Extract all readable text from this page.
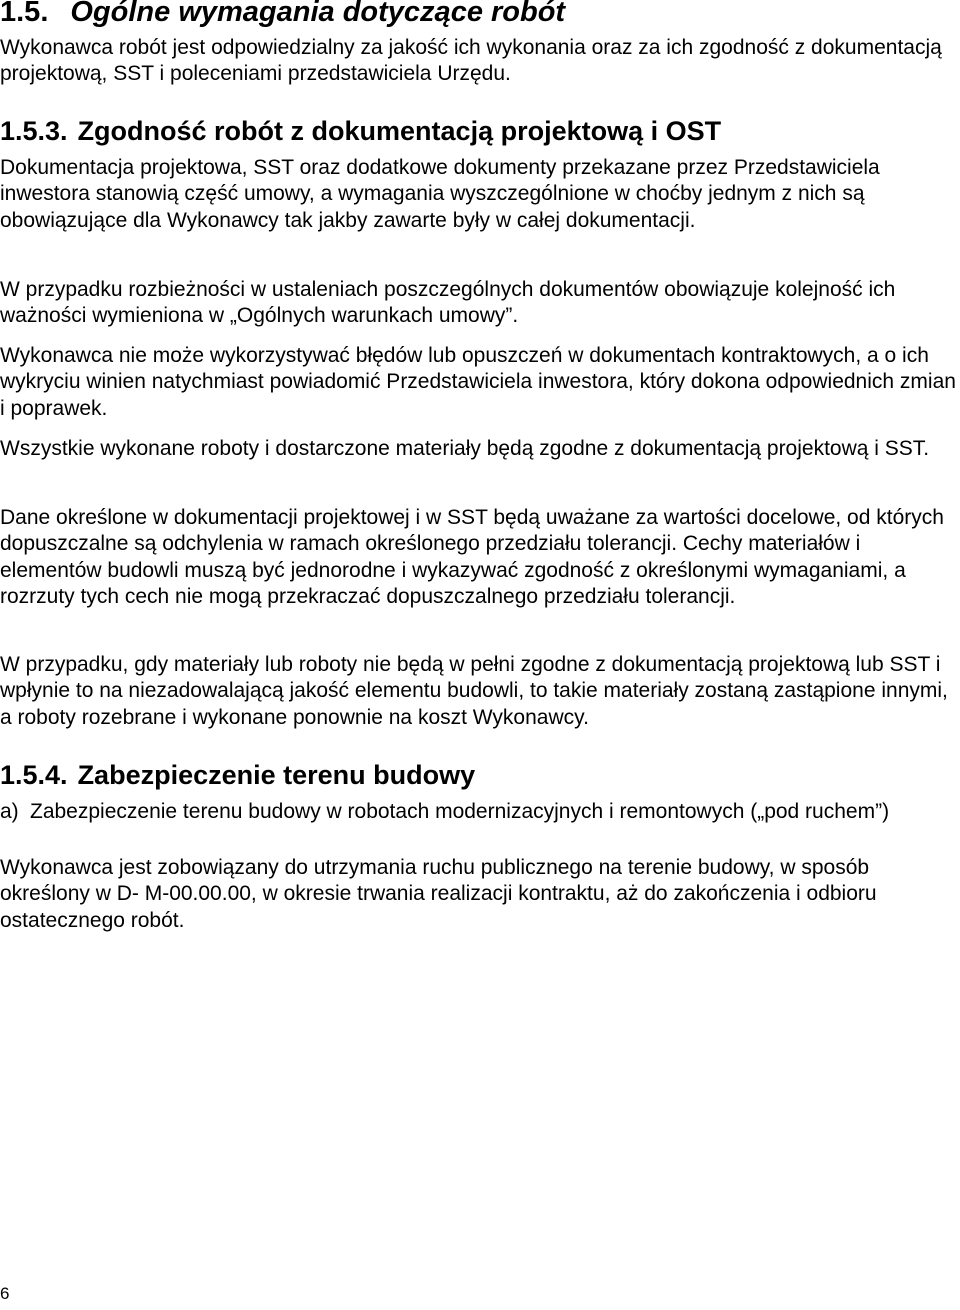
1.5. Ogólne wymagania dotyczące robót

Wykonawca robót jest odpowiedzialny za jakość ich wykonania oraz za ich zgodność z dokumentacją projektową, SST i poleceniami przedstawiciela Urzędu.

1.5.3. Zgodność robót z dokumentacją projektową i OST

Dokumentacja projektowa, SST oraz dodatkowe dokumenty przekazane przez Przedstawiciela inwestora stanowią część umowy, a wymagania wyszczególnione w choćby jednym z nich są obowiązujące dla Wykonawcy tak jakby zawarte były w całej dokumentacji.

W przypadku rozbieżności w ustaleniach poszczególnych dokumentów obowiązuje kolejność ich ważności wymieniona w „Ogólnych warunkach umowy”.

Wykonawca nie może wykorzystywać błędów lub opuszczeń w dokumentach kontraktowych, a o ich wykryciu winien natychmiast powiadomić Przedstawiciela inwestora, który dokona odpowiednich zmian i poprawek.

Wszystkie wykonane roboty i dostarczone materiały będą zgodne z dokumentacją projektową i SST.

Dane określone w dokumentacji projektowej i w SST będą uważane za wartości docelowe, od których dopuszczalne są odchylenia w ramach określonego przedziału tolerancji. Cechy materiałów i elementów budowli muszą być jednorodne i wykazywać zgodność z określonymi wymaganiami, a rozrzuty tych cech nie mogą przekraczać dopuszczalnego przedziału tolerancji.

W przypadku, gdy materiały lub roboty nie będą w pełni zgodne z dokumentacją projektową lub SST i wpłynie to na niezadowalającą jakość elementu budowli, to takie materiały zostaną zastąpione innymi, a roboty rozebrane i wykonane ponownie na koszt Wykonawcy.

1.5.4. Zabezpieczenie terenu budowy
a) Zabezpieczenie terenu budowy w robotach modernizacyjnych i remontowych („pod ruchem”)

Wykonawca jest zobowiązany do utrzymania ruchu publicznego na terenie budowy, w sposób określony w D- M-00.00.00, w okresie trwania realizacji kontraktu, aż do zakończenia i odbioru ostatecznego robót.

6
